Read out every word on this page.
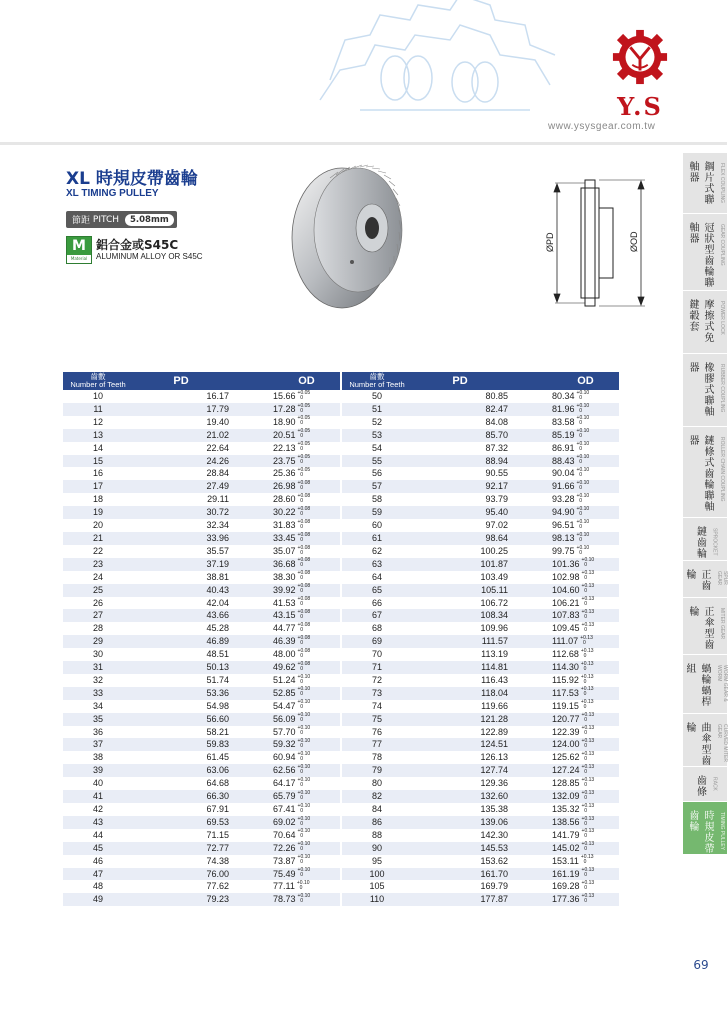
Y.S
www.ysysgear.com.tw
XL 時規皮帶齒輪
XL TIMING PULLEY
節距
PITCH	5.08mm
M
Material
鋁合金或S45C
ALUMINUM ALLOY OR S45C
ØPD	ØOD
齒數
Number of Teeth	PD	OD
10	16.17	15.66 +0.05
0

11	17.79	17.28 +0.05
0

12	19.40	18.90 +0.05
0

13	21.02	20.51 +0.05
0

14	22.64	22.13 +0.05
0

15	24.26	23.75 +0.05
0

16	28.84	25.36 +0.05
0

17	27.49	26.98 +0.08
0

18	29.11	28.60 +0.08
0

19	30.72	30.22 +0.08
0

20	32.34	31.83 +0.08
0

21	33.96	33.45 +0.08
0

22	35.57	35.07 +0.08
0

23	37.19	36.68 +0.08
0

24	38.81	38.30 +0.08
0

25	40.43	39.92 +0.08
0

26	42.04	41.53 +0.08
0

27	43.66	43.15 +0.08
0

28	45.28	44.77 +0.08
0

29	46.89	46.39 +0.08
0

30	48.51	48.00 +0.08
0

31	50.13	49.62 +0.08
0

32	51.74	51.24 +0.10
0

33	53.36	52.85 +0.10
0

34	54.98	54.47 +0.10
0

35	56.60	56.09 +0.10
0

36	58.21	57.70 +0.10
0

37	59.83	59.32 +0.10
0

38	61.45	60.94 +0.10
0

39	63.06	62.56 +0.10
0

40	64.68	64.17 +0.10
0

41	66.30	65.79 +0.10
0

42	67.91	67.41 +0.10
0

43	69.53	69.02 +0.10
0

44	71.15	70.64 +0.10
0

45	72.77	72.26 +0.10
0

46	74.38	73.87 +0.10
0

47	76.00	75.49 +0.10
0

48	77.62	77.11 +0.10
0

49	79.23	78.73 +0.10
0
齒數
Number of Teeth	PD	OD
50	80.85	80.34 +0.10
0

51	82.47	81.96 +0.10
0

52	84.08	83.58 +0.10
0

53	85.70	85.19 +0.10
0

54	87.32	86.91 +0.10
0

55	88.94	88.43 +0.10
0

56	90.55	90.04 +0.10
0

57	92.17	91.66 +0.10
0

58	93.79	93.28 +0.10
0

59	95.40	94.90 +0.10
0

60	97.02	96.51 +0.10
0

61	98.64	98.13 +0.10
0

62	100.25	99.75 +0.10
0

63	101.87	101.36 +0.10
0

64	103.49	102.98 +0.13
0

65	105.11	104.60 +0.13
0

66	106.72	106.21 +0.13
0

67	108.34	107.83 +0.13
0

68	109.96	109.45 +0.13
0

69	111.57	111.07 +0.13
0

70	113.19	112.68 +0.13
0

71	114.81	114.30 +0.13
0

72	116.43	115.92 +0.13
0

73	118.04	117.53 +0.13
0

74	119.66	119.15 +0.13
0

75	121.28	120.77 +0.13
0

76	122.89	122.39 +0.13
0

77	124.51	124.00 +0.13
0

78	126.13	125.62 +0.13
0

79	127.74	127.24 +0.13
0

80	129.36	128.85 +0.13
0

82	132.60	132.09 +0.13
0

84	135.38	135.32 +0.13
0

86	139.06	138.56 +0.13
0

88	142.30	141.79 +0.13
0

90	145.53	145.02 +0.13
0

95	153.62	153.11 +0.13
0

100	161.70	161.19 +0.13
0

105	169.79	169.28 +0.13
0

110	177.87	177.36 +0.13
0
鋼片式聯軸器	FLEX COUPLING
冠狀型齒輪聯軸器	GEAR COUPLING
摩擦式免鍵轂套	POWER LOCK
橡膠式聯軸器	RUBBER COUPLING
鏈條式齒輪聯軸器	ROLLER CHAIN COUPLING
鏈齒輪	SPROCKET
正齒輪	SPUR GEAR
正傘型齒輪	MITER GEAR
蝸輪蝸桿組	WORM GEAR & WORM
曲傘型齒輪	CURVED MITER GEAR
齒條	RACK
時規皮帶齒輪	TIMING PULLEY
69
